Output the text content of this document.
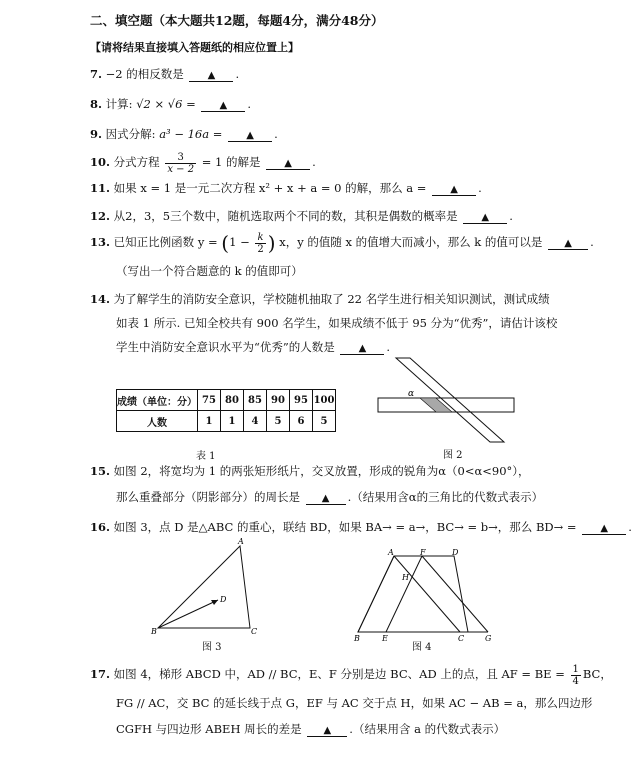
二、填空题（本大题共12题，每题4分，满分48分）
【请将结果直接填入答题纸的相应位置上】
7. −2 的相反数是 ▲ .
8. 计算: √2 × √6 = ▲ .
9. 因式分解: a³ − 16a = ▲ .
10. 分式方程 $\frac{3}{x - 2} = 1$ 的解是 ▲ .
11. 如果 x = 1 是一元二次方程 x² + x + a = 0 的解，那么 a = ▲ .
12. 从2，3，5三个数中，随机选取两个不同的数，其积是偶数的概率是 ▲ .
13. 已知正比例函数 $y = (1 - \frac{k}{2}$ ) x，y 的值随 x 的值增大而减小，那么 k 的值可以是 ▲ .
（写出一个符合题意的 k 的值即可）
14. 为了解学生的消防安全意识，学校随机抽取了 22 名学生进行相关知识测试，测试成绩
如表 1 所示. 已知全校共有 900 名学生，如果成绩不低于 95 分为“优秀”，请估计该校
学生中消防安全意识水平为“优秀”的人数是 ▲ .
成绩（单位：分）	75	80	85	90	95	100
人数	1	1	4	5	6	5
表 1
α
图 2
15. 如图 2，将宽均为 1 的两张矩形纸片，交叉放置，形成的锐角为α（0<α<90°），
那么重叠部分（阴影部分）的周长是 ▲ .（结果用含α的三角比的代数式表示）
16. 如图 3，点 D 是△ABC 的重心，联结 BD，如果 BA→ = a→，BC→ = b→，那么 BD→ = ▲ .
A
B	C
D
图 3
A	F	D
H
B	E	C	G
图 4
17. 如图 4，梯形 ABCD 中，AD // BC，E、F 分别是边 BC、AD 上的点，且 AF = BE = $\frac{1}{4}$ BC，
FG // AC，交 BC 的延长线于点 G，EF 与 AC 交于点 H，如果 AC − AB = a，那么四边形
CGFH 与四边形 ABEH 周长的差是 ▲ .（结果用含 a 的代数式表示）
